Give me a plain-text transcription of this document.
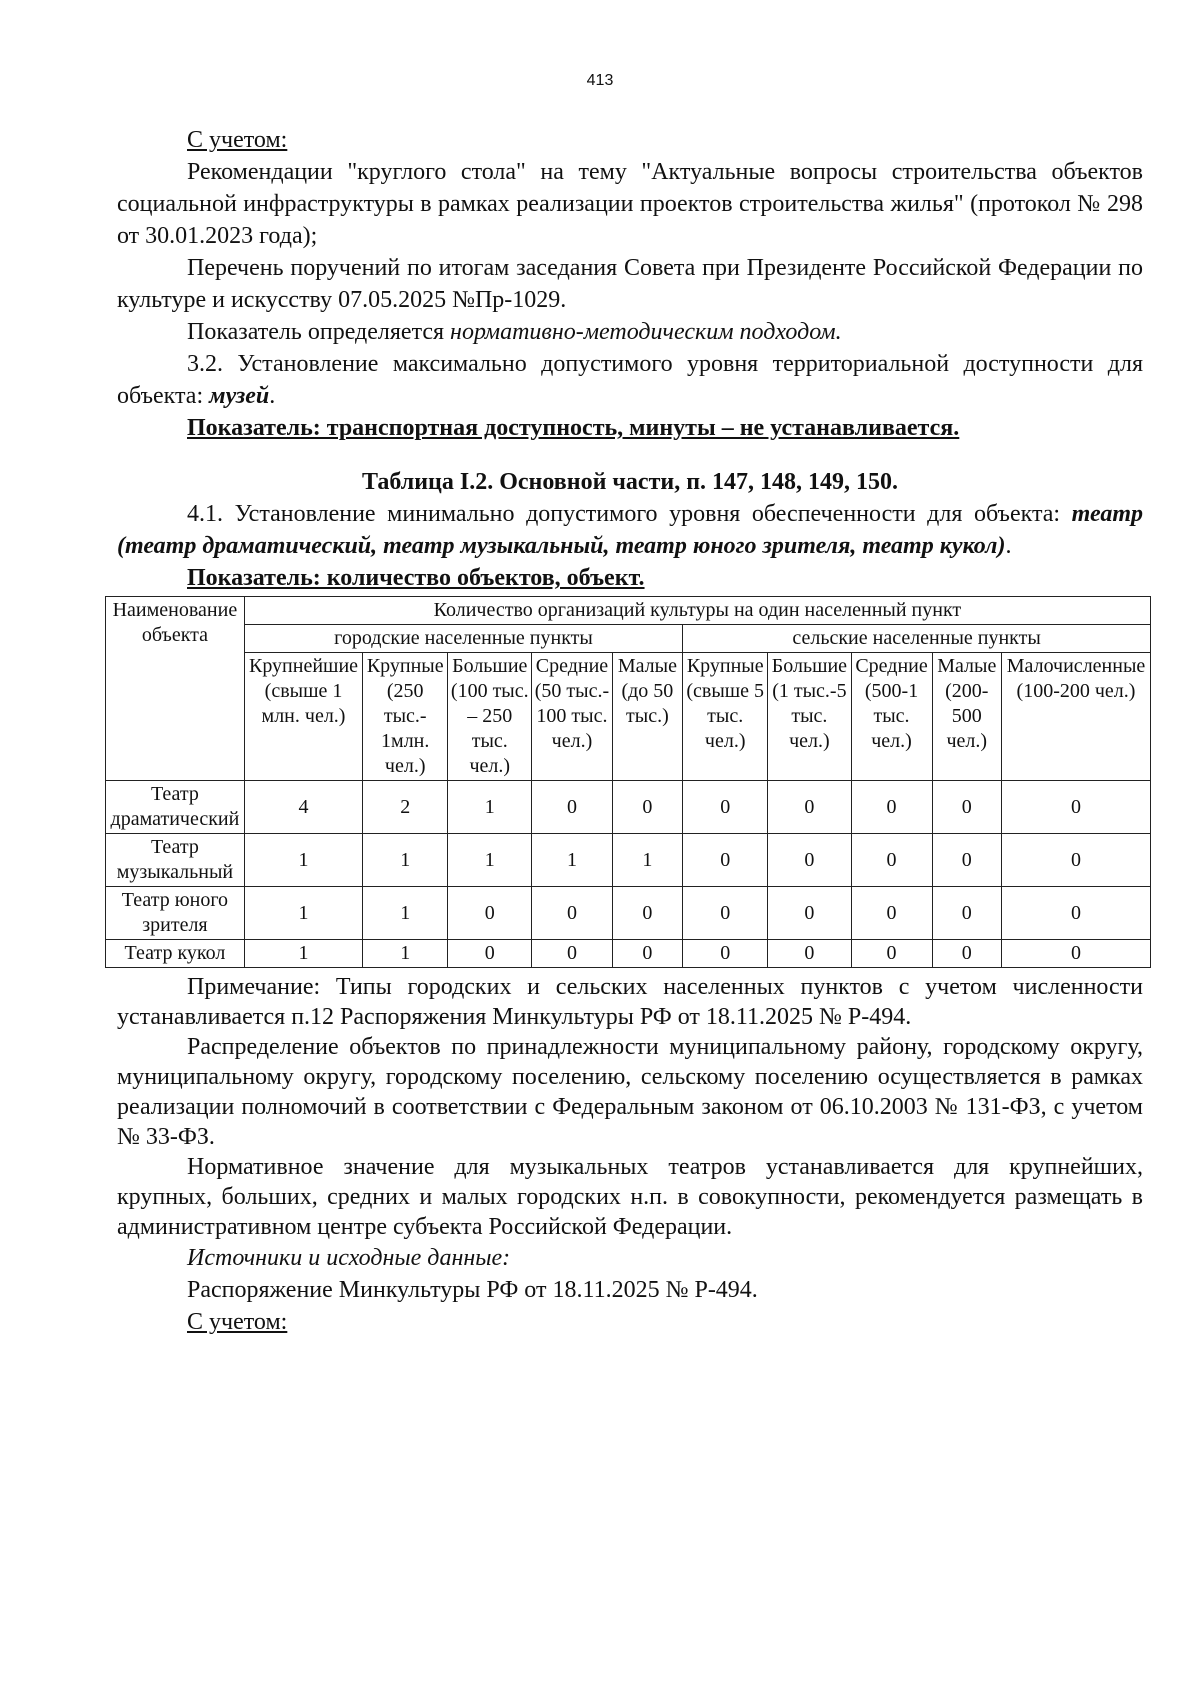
413

С учетом:

Рекомендации "круглого стола" на тему "Актуальные вопросы строительства объектов социальной инфраструктуры в рамках реализации проектов строительства жилья" (протокол № 298 от 30.01.2023 года);

Перечень поручений по итогам заседания Совета при Президенте Российской Федерации по культуре и искусству 07.05.2025 №Пр-1029.

Показатель определяется нормативно-методическим подходом.

3.2. Установление максимально допустимого уровня территориальной доступности для объекта: музей.

Показатель: транспортная доступность, минуты – не устанавливается.

Таблица I.2. Основной части, п. 147, 148, 149, 150.

4.1. Установление минимально допустимого уровня обеспеченности для объекта: театр (театр драматический, театр музыкальный, театр юного зрителя, театр кукол).

Показатель: количество объектов, объект.

Наименование объекта	Количество организаций культуры на один населенный пункт									
	городские населенные пункты					сельские населенные пункты				
	Крупнейшие (свыше 1 млн. чел.)	Крупные (250 тыс.- 1млн. чел.)	Большие (100 тыс. – 250 тыс. чел.)	Средние (50 тыс.- 100 тыс. чел.)	Малые (до 50 тыс.)	Крупные (свыше 5 тыс. чел.)	Большие (1 тыс.-5 тыс. чел.)	Средние (500-1 тыс. чел.)	Малые (200-500 чел.)	Малочисленные (100-200 чел.)
Театр драматический	4	2	1	0	0	0	0	0	0	0
Театр музыкальный	1	1	1	1	1	0	0	0	0	0
Театр юного зрителя	1	1	0	0	0	0	0	0	0	0
Театр кукол	1	1	0	0	0	0	0	0	0	0

Примечание: Типы городских и сельских населенных пунктов с учетом численности устанавливается п.12 Распоряжения Минкультуры РФ от 18.11.2025 № Р-494.

Распределение объектов по принадлежности муниципальному району, городскому округу, муниципальному округу, городскому поселению, сельскому поселению осуществляется в рамках реализации полномочий в соответствии с Федеральным законом от 06.10.2003 № 131-ФЗ, с учетом № 33-ФЗ.

Нормативное значение для музыкальных театров устанавливается для крупнейших, крупных, больших, средних и малых городских н.п. в совокупности, рекомендуется размещать в административном центре субъекта Российской Федерации.

Источники и исходные данные:

Распоряжение Минкультуры РФ от 18.11.2025 № Р-494.

С учетом:
